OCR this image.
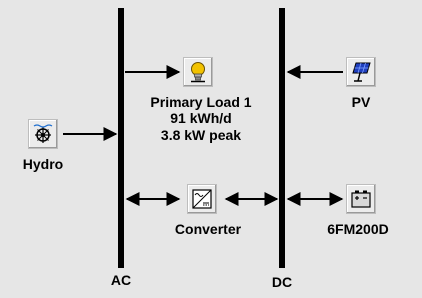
Primary Load 1
91 kWh/d
3.8 kW peak
PV
Hydro
Converter	6FM200D
AC	DC
